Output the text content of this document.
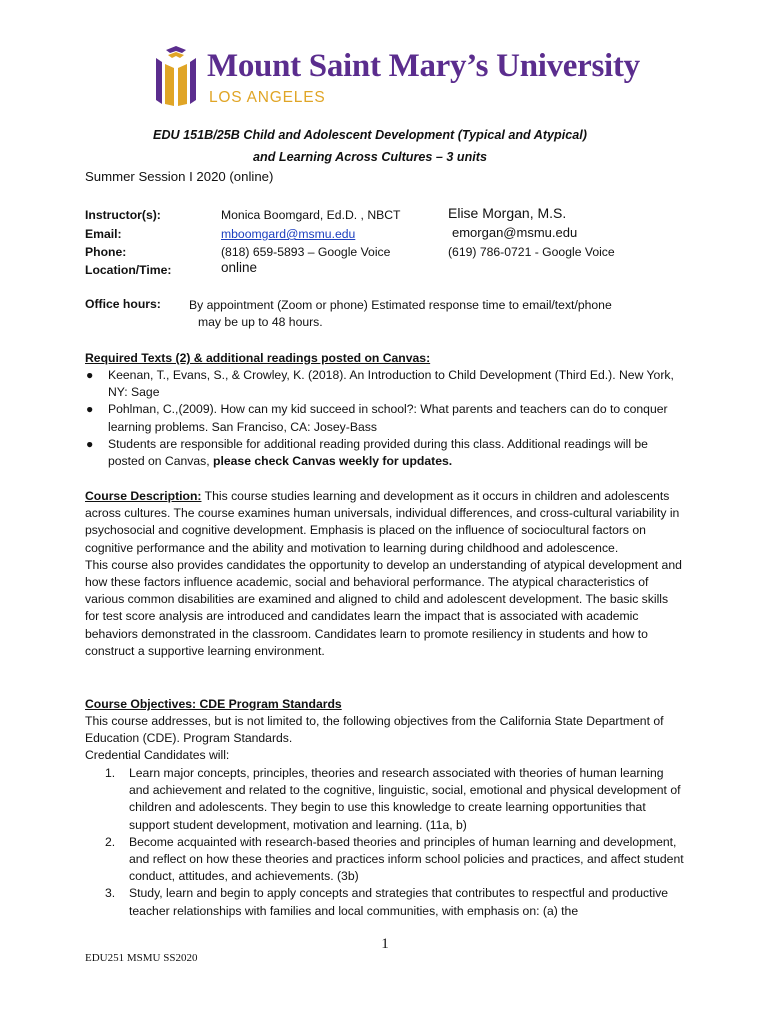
Mount Saint Mary’s University
LOS ANGELES
EDU 151B/25B Child and Adolescent Development (Typical and Atypical)
and Learning Across Cultures – 3 units
Summer Session I 2020 (online)
Instructor(s):
Email:
Phone:
Location/Time:
Monica Boomgard, Ed.D. , NBCT
mboomgard@msmu.edu
(818) 659-5893 – Google Voice
online
Elise Morgan, M.S.
emorgan@msmu.edu
(619) 786-0721 - Google Voice
Office hours: By appointment (Zoom or phone) Estimated response time to email/text/phone
may be up to 48 hours.
Required Texts (2) & additional readings posted on Canvas:
● Keenan, T., Evans, S., & Crowley, K. (2018). An Introduction to Child Development (Third Ed.). New York, NY: Sage
● Pohlman, C.,(2009). How can my kid succeed in school?: What parents and teachers can do to conquer learning problems. San Franciso, CA: Josey-Bass
● Students are responsible for additional reading provided during this class. Additional readings will be posted on Canvas, please check Canvas weekly for updates.
Course Description: This course studies learning and development as it occurs in children and adolescents across cultures. The course examines human universals, individual differences, and cross-cultural variability in psychosocial and cognitive development. Emphasis is placed on the influence of sociocultural factors on cognitive performance and the ability and motivation to learning during childhood and adolescence.
This course also provides candidates the opportunity to develop an understanding of atypical development and how these factors influence academic, social and behavioral performance. The atypical characteristics of various common disabilities are examined and aligned to child and adolescent development. The basic skills for test score analysis are introduced and candidates learn the impact that is associated with academic behaviors demonstrated in the classroom. Candidates learn to promote resiliency in students and how to construct a supportive learning environment.
Course Objectives: CDE Program Standards
This course addresses, but is not limited to, the following objectives from the California State Department of Education (CDE). Program Standards.
Credential Candidates will:
1. Learn major concepts, principles, theories and research associated with theories of human learning and achievement and related to the cognitive, linguistic, social, emotional and physical development of children and adolescents. They begin to use this knowledge to create learning opportunities that support student development, motivation and learning. (11a, b)
2. Become acquainted with research-based theories and principles of human learning and development, and reflect on how these theories and practices inform school policies and practices, and affect student conduct, attitudes, and achievements. (3b)
3. Study, learn and begin to apply concepts and strategies that contributes to respectful and productive teacher relationships with families and local communities, with emphasis on: (a) the
1
EDU251 MSMU SS2020
